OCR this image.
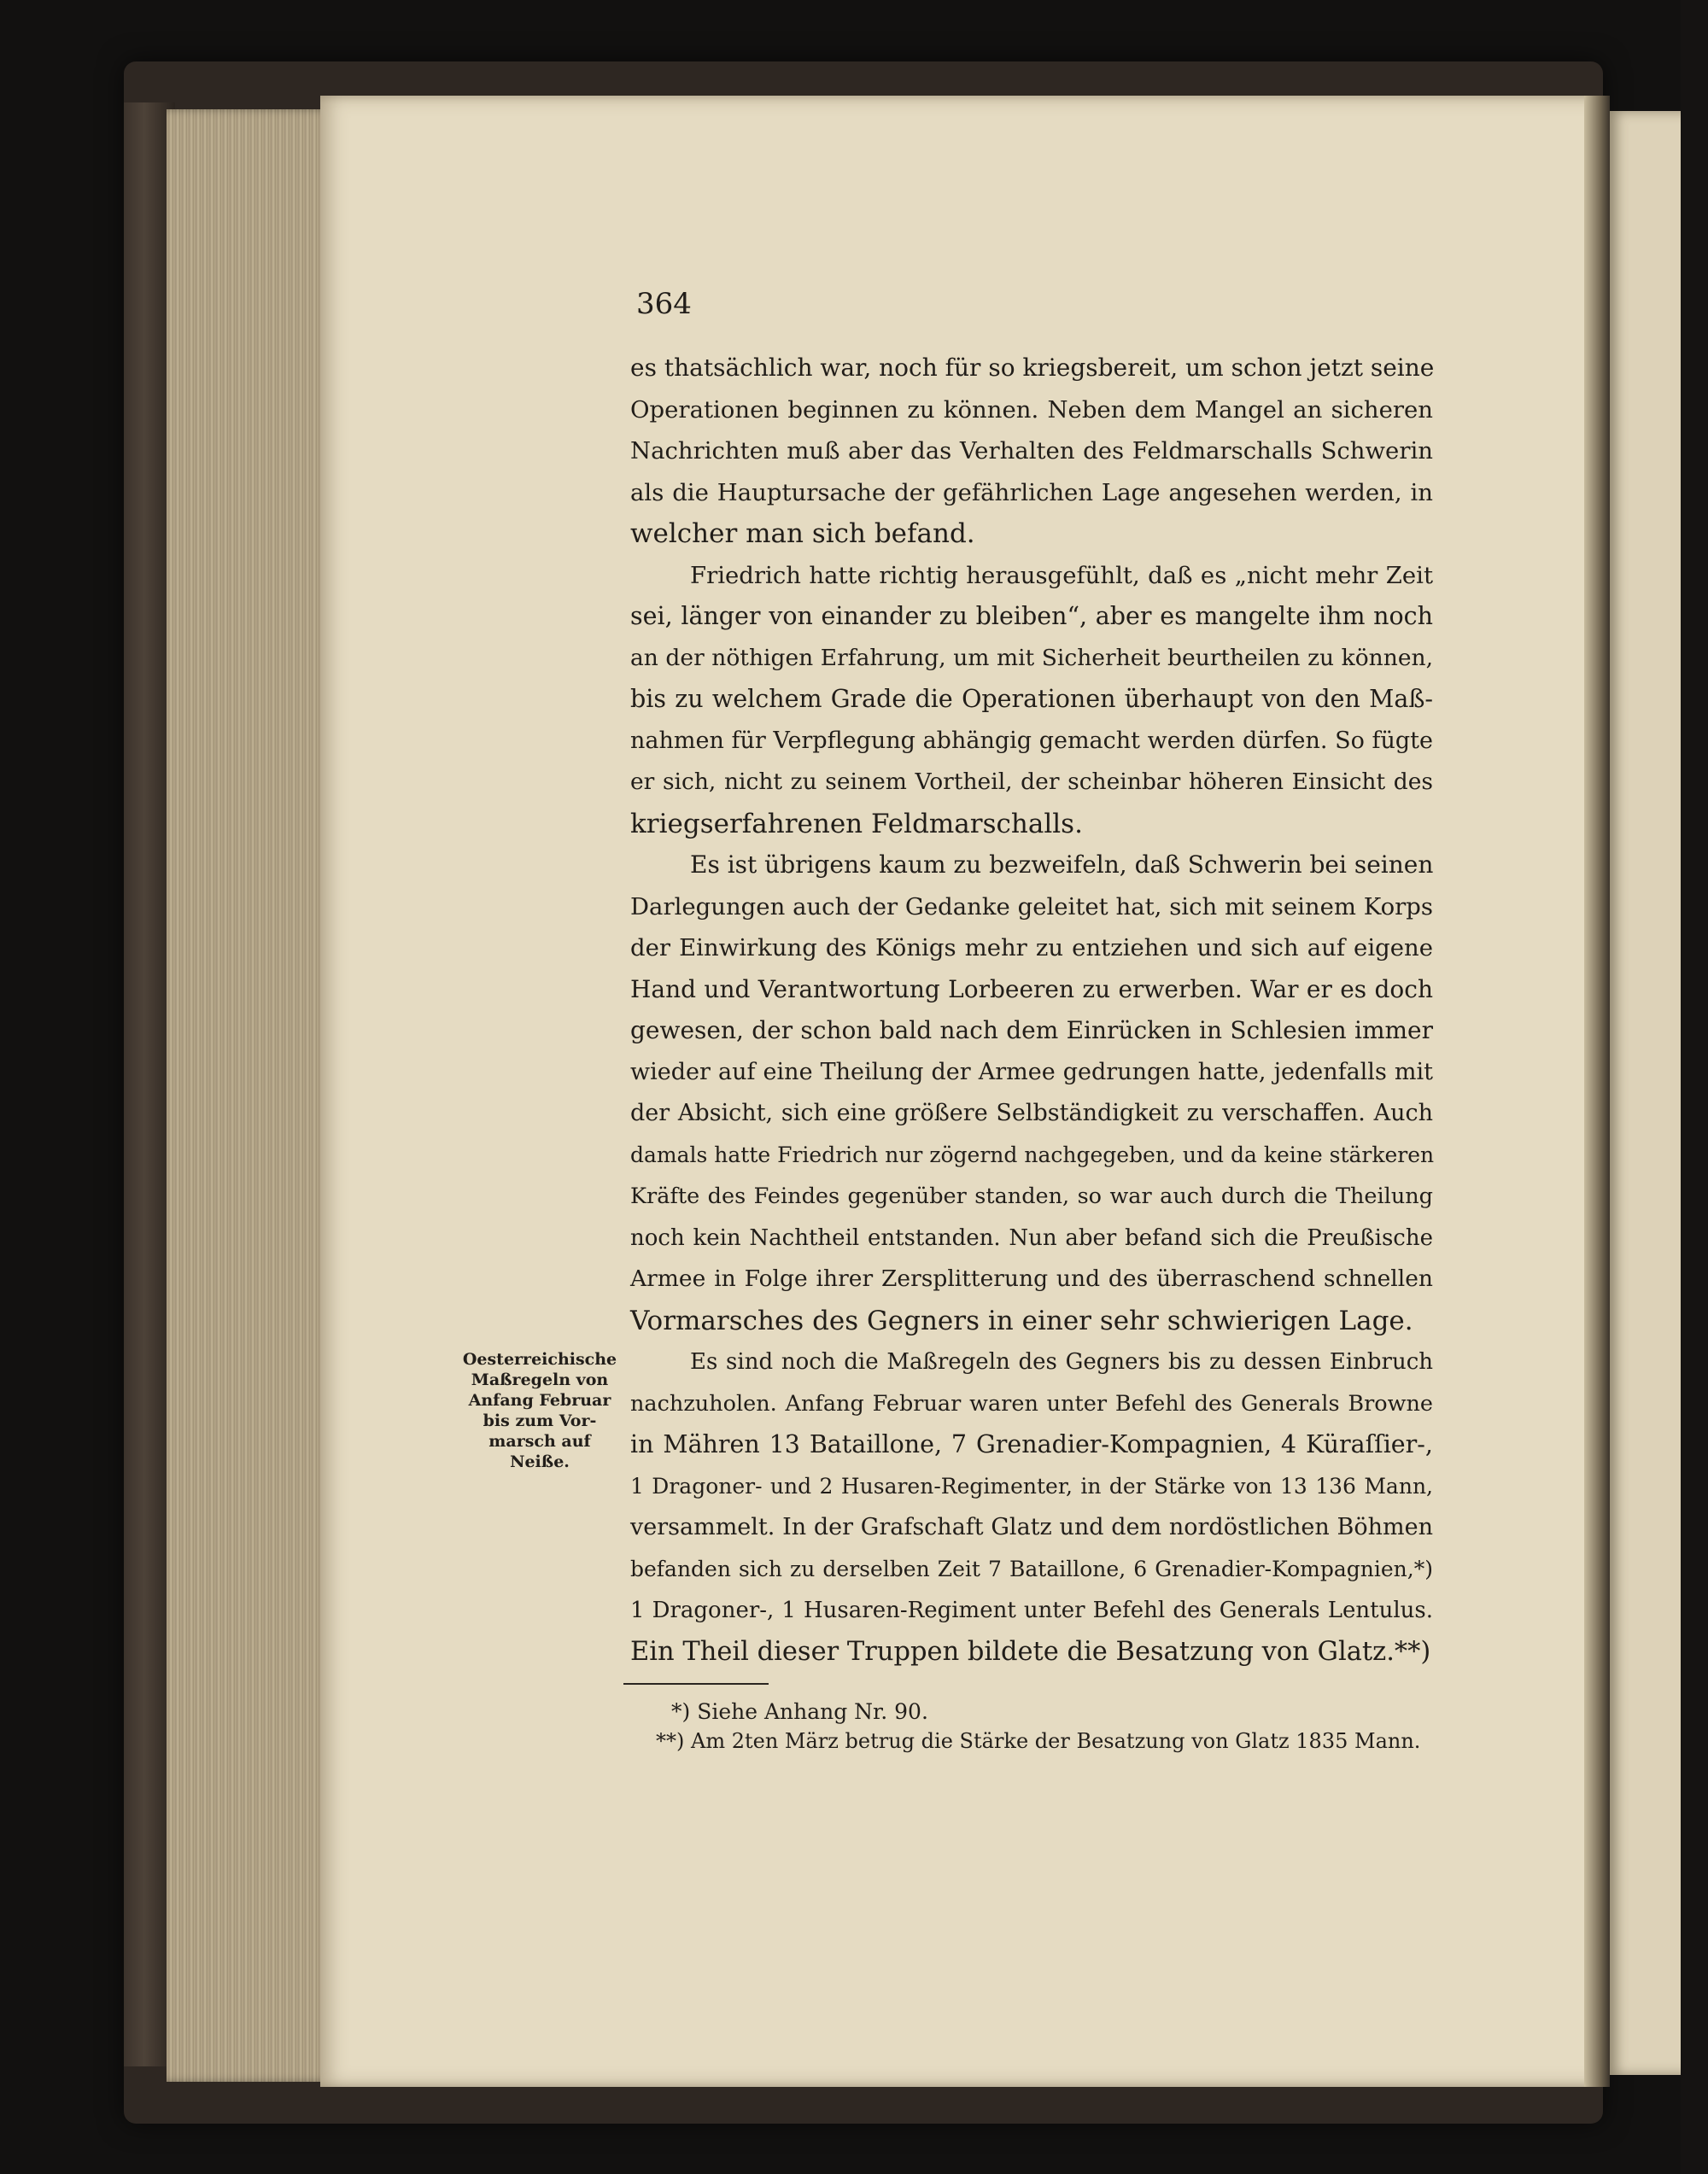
364
es thatsächlich war, noch für so kriegsbereit, um schon jetzt seine
Operationen beginnen zu können. Neben dem Mangel an sicheren
Nachrichten muß aber das Verhalten des Feldmarschalls Schwerin
als die Hauptursache der gefährlichen Lage angesehen werden, in
welcher man sich befand.
Friedrich hatte richtig herausgefühlt, daß es „nicht mehr Zeit
sei, länger von einander zu bleiben“, aber es mangelte ihm noch
an der nöthigen Erfahrung, um mit Sicherheit beurtheilen zu können,
bis zu welchem Grade die Operationen überhaupt von den Maß-
nahmen für Verpflegung abhängig gemacht werden dürfen. So fügte
er sich, nicht zu seinem Vortheil, der scheinbar höheren Einsicht des
kriegserfahrenen Feldmarschalls.
Es ist übrigens kaum zu bezweifeln, daß Schwerin bei seinen
Darlegungen auch der Gedanke geleitet hat, sich mit seinem Korps
der Einwirkung des Königs mehr zu entziehen und sich auf eigene
Hand und Verantwortung Lorbeeren zu erwerben. War er es doch
gewesen, der schon bald nach dem Einrücken in Schlesien immer
wieder auf eine Theilung der Armee gedrungen hatte, jedenfalls mit
der Absicht, sich eine größere Selbständigkeit zu verschaffen. Auch
damals hatte Friedrich nur zögernd nachgegeben, und da keine stärkeren
Kräfte des Feindes gegenüber standen, so war auch durch die Theilung
noch kein Nachtheil entstanden. Nun aber befand sich die Preußische
Armee in Folge ihrer Zersplitterung und des überraschend schnellen
Vormarsches des Gegners in einer sehr schwierigen Lage.
Es sind noch die Maßregeln des Gegners bis zu dessen Einbruch
nachzuholen. Anfang Februar waren unter Befehl des Generals Browne
in Mähren 13 Bataillone, 7 Grenadier-Kompagnien, 4 Küraſſier-,
1 Dragoner- und 2 Husaren-Regimenter, in der Stärke von 13 136 Mann,
versammelt. In der Grafschaft Glatz und dem nordöstlichen Böhmen
befanden sich zu derselben Zeit 7 Bataillone, 6 Grenadier-Kompagnien,*)
1 Dragoner-, 1 Husaren-Regiment unter Befehl des Generals Lentulus.
Ein Theil dieser Truppen bildete die Besatzung von Glatz.**)
Oesterreichische
Maßregeln von
Anfang Februar
bis zum Vor-
marsch auf
Neiße.
*) Siehe Anhang Nr. 90.
**) Am 2ten März betrug die Stärke der Besatzung von Glatz 1835 Mann.
